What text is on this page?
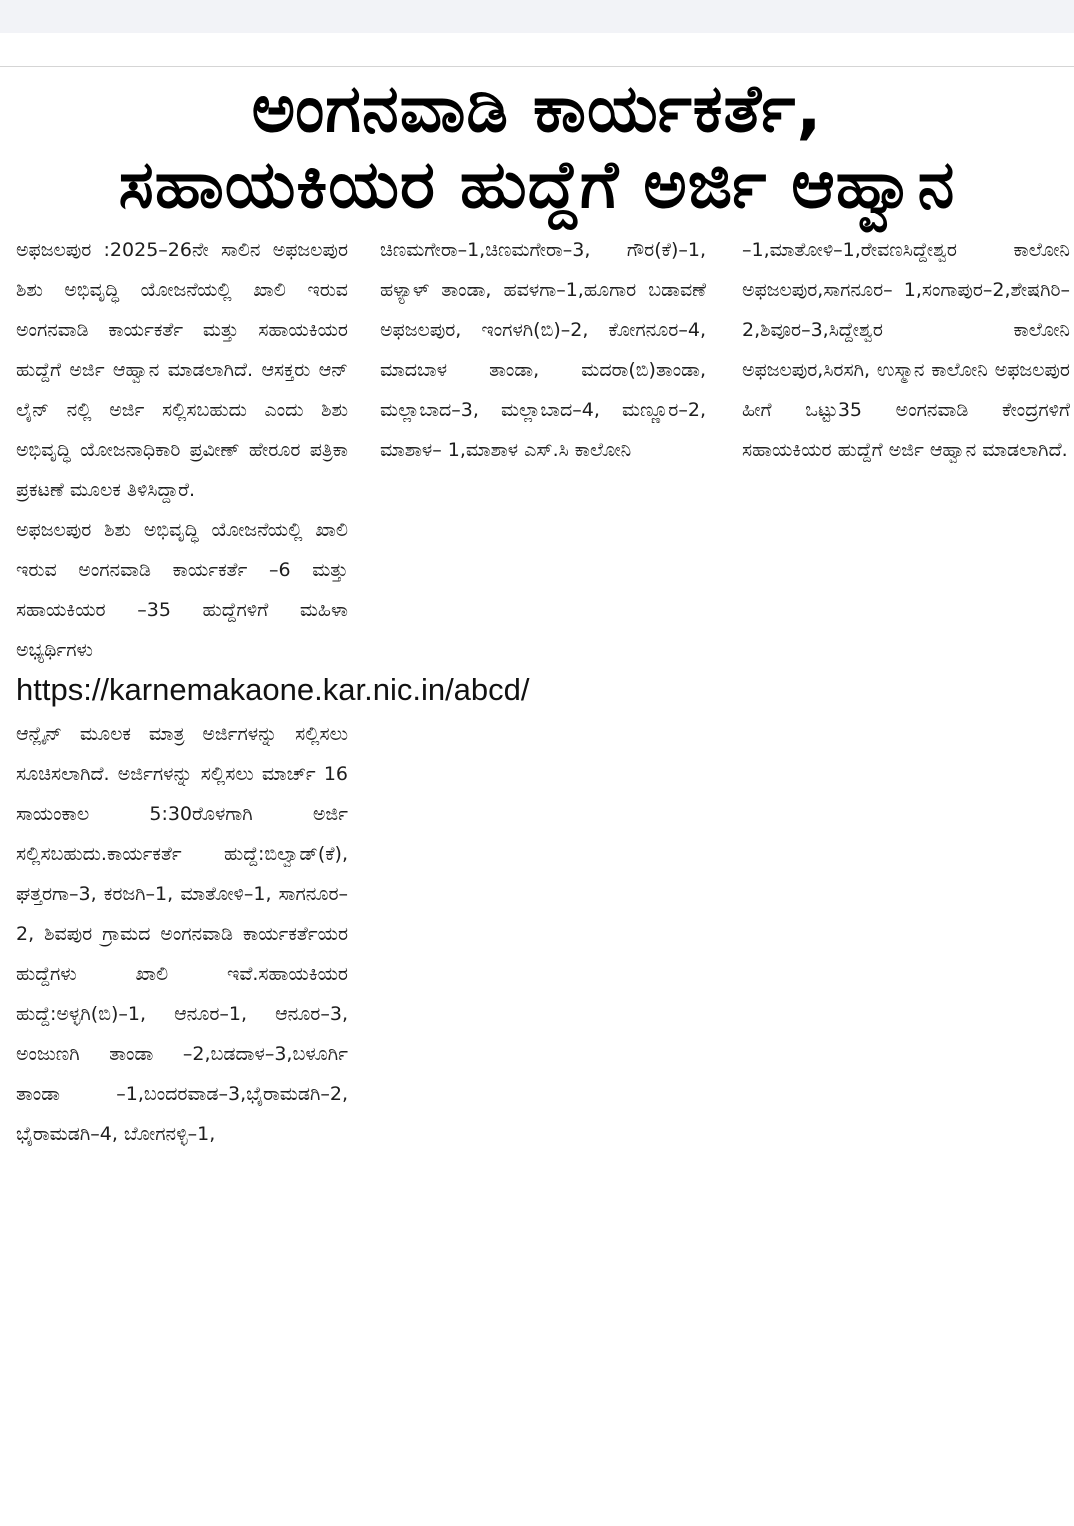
ಅಂಗನವಾಡಿ ಕಾರ್ಯಕರ್ತೆ,
ಸಹಾಯಕಿಯರ ಹುದ್ದೆಗೆ ಅರ್ಜಿ ಆಹ್ವಾನ

ಅಫಜಲಪುರ :2025–26ನೇ ಸಾಲಿನ ಅಫಜಲಪುರ ಶಿಶು ಅಭಿವೃದ್ಧಿ ಯೋಜನೆಯಲ್ಲಿ ಖಾಲಿ ಇರುವ ಅಂಗನವಾಡಿ ಕಾರ್ಯಕರ್ತೆ ಮತ್ತು ಸಹಾಯಕಿಯರ ಹುದ್ದೆಗೆ ಅರ್ಜಿ ಆಹ್ವಾನ ಮಾಡಲಾಗಿದೆ. ಆಸಕ್ತರು ಆನ್ ಲೈನ್ ನಲ್ಲಿ ಅರ್ಜಿ ಸಲ್ಲಿಸಬಹುದು ಎಂದು ಶಿಶು ಅಭಿವೃದ್ಧಿ ಯೋಜನಾಧಿಕಾರಿ ಪ್ರವೀಣ್ ಹೇರೂರ ಪತ್ರಿಕಾ ಪ್ರಕಟಣೆ ಮೂಲಕ ತಿಳಿಸಿದ್ದಾರೆ.

ಅಫಜಲಪುರ ಶಿಶು ಅಭಿವೃದ್ಧಿ ಯೋಜನೆಯಲ್ಲಿ ಖಾಲಿ ಇರುವ ಅಂಗನವಾಡಿ ಕಾರ್ಯಕರ್ತೆ –6 ಮತ್ತು ಸಹಾಯಕಿಯರ –35 ಹುದ್ದೆಗಳಿಗೆ ಮಹಿಳಾ ಅಭ್ಯರ್ಥಿಗಳು https://karnemakaone.kar.nic.in/abcd/ಆನ್ಲೈನ್ ಮೂಲಕ ಮಾತ್ರ ಅರ್ಜಿಗಳನ್ನು ಸಲ್ಲಿಸಲು ಸೂಚಿಸಲಾಗಿದೆ. ಅರ್ಜಿಗಳನ್ನು ಸಲ್ಲಿಸಲು ಮಾರ್ಚ್ 16 ಸಾಯಂಕಾಲ 5:30ರೊಳಗಾಗಿ ಅರ್ಜಿ ಸಲ್ಲಿಸಬಹುದು.ಕಾರ್ಯಕರ್ತೆ ಹುದ್ದೆ:ಬಿಲ್ವಾಡ್(ಕೆ), ಘತ್ತರಗಾ–3, ಕರಜಗಿ–1, ಮಾತೋಳಿ–1, ಸಾಗನೂರ–2, ಶಿವಪುರ ಗ್ರಾಮದ ಅಂಗನವಾಡಿ ಕಾರ್ಯಕರ್ತೆಯರ ಹುದ್ದೆಗಳು ಖಾಲಿ ಇವೆ.ಸಹಾಯಕಿಯರ ಹುದ್ದೆ:ಅಳ್ಳಗಿ(ಬಿ)–1, ಆನೂರ–1, ಆನೂರ–3, ಅಂಜುಣಗಿ ತಾಂಡಾ –2,ಬಡದಾಳ–3,ಬಳೂರ್ಗಿ ತಾಂಡಾ –1,ಬಂದರವಾಡ–3,ಭೈರಾಮಡಗಿ–2, ಭೈರಾಮಡಗಿ–4, ಬೋಗನಳ್ಳಿ–1,

ಚಿಣಮಗೇರಾ–1,ಚಿಣಮಗೇರಾ–3, ಗೌರ(ಕೆ)–1, ಹಳ್ಯಾಳ್ ತಾಂಡಾ, ಹವಳಗಾ–1,ಹೂಗಾರ ಬಡಾವಣೆ ಅಫಜಲಪುರ, ಇಂಗಳಗಿ(ಬಿ)–2, ಕೋಗನೂರ–4, ಮಾದಬಾಳ ತಾಂಡಾ, ಮದರಾ(ಬಿ)ತಾಂಡಾ, ಮಲ್ಲಾಬಾದ–3, ಮಲ್ಲಾಬಾದ–4, ಮಣ್ಣೂರ–2, ಮಾಶಾಳ– 1,ಮಾಶಾಳ ಎಸ್.ಸಿ ಕಾಲೋನಿ

–1,ಮಾತೋಳಿ–1,ರೇವಣಸಿದ್ದೇಶ್ವರ ಕಾಲೋನಿ ಅಫಜಲಪುರ,ಸಾಗನೂರ– 1,ಸಂಗಾಪುರ–2,ಶೇಷಗಿರಿ– 2,ಶಿವೂರ–3,ಸಿದ್ದೇಶ್ವರ ಕಾಲೋನಿ ಅಫಜಲಪುರ,ಸಿರಸಗಿ, ಉಸ್ಮಾನ ಕಾಲೋನಿ ಅಫಜಲಪುರ ಹೀಗೆ ಒಟ್ಟು35 ಅಂಗನವಾಡಿ ಕೇಂದ್ರಗಳಿಗೆ ಸಹಾಯಕಿಯರ ಹುದ್ದೆಗೆ ಅರ್ಜಿ ಆಹ್ವಾನ ಮಾಡಲಾಗಿದೆ.
